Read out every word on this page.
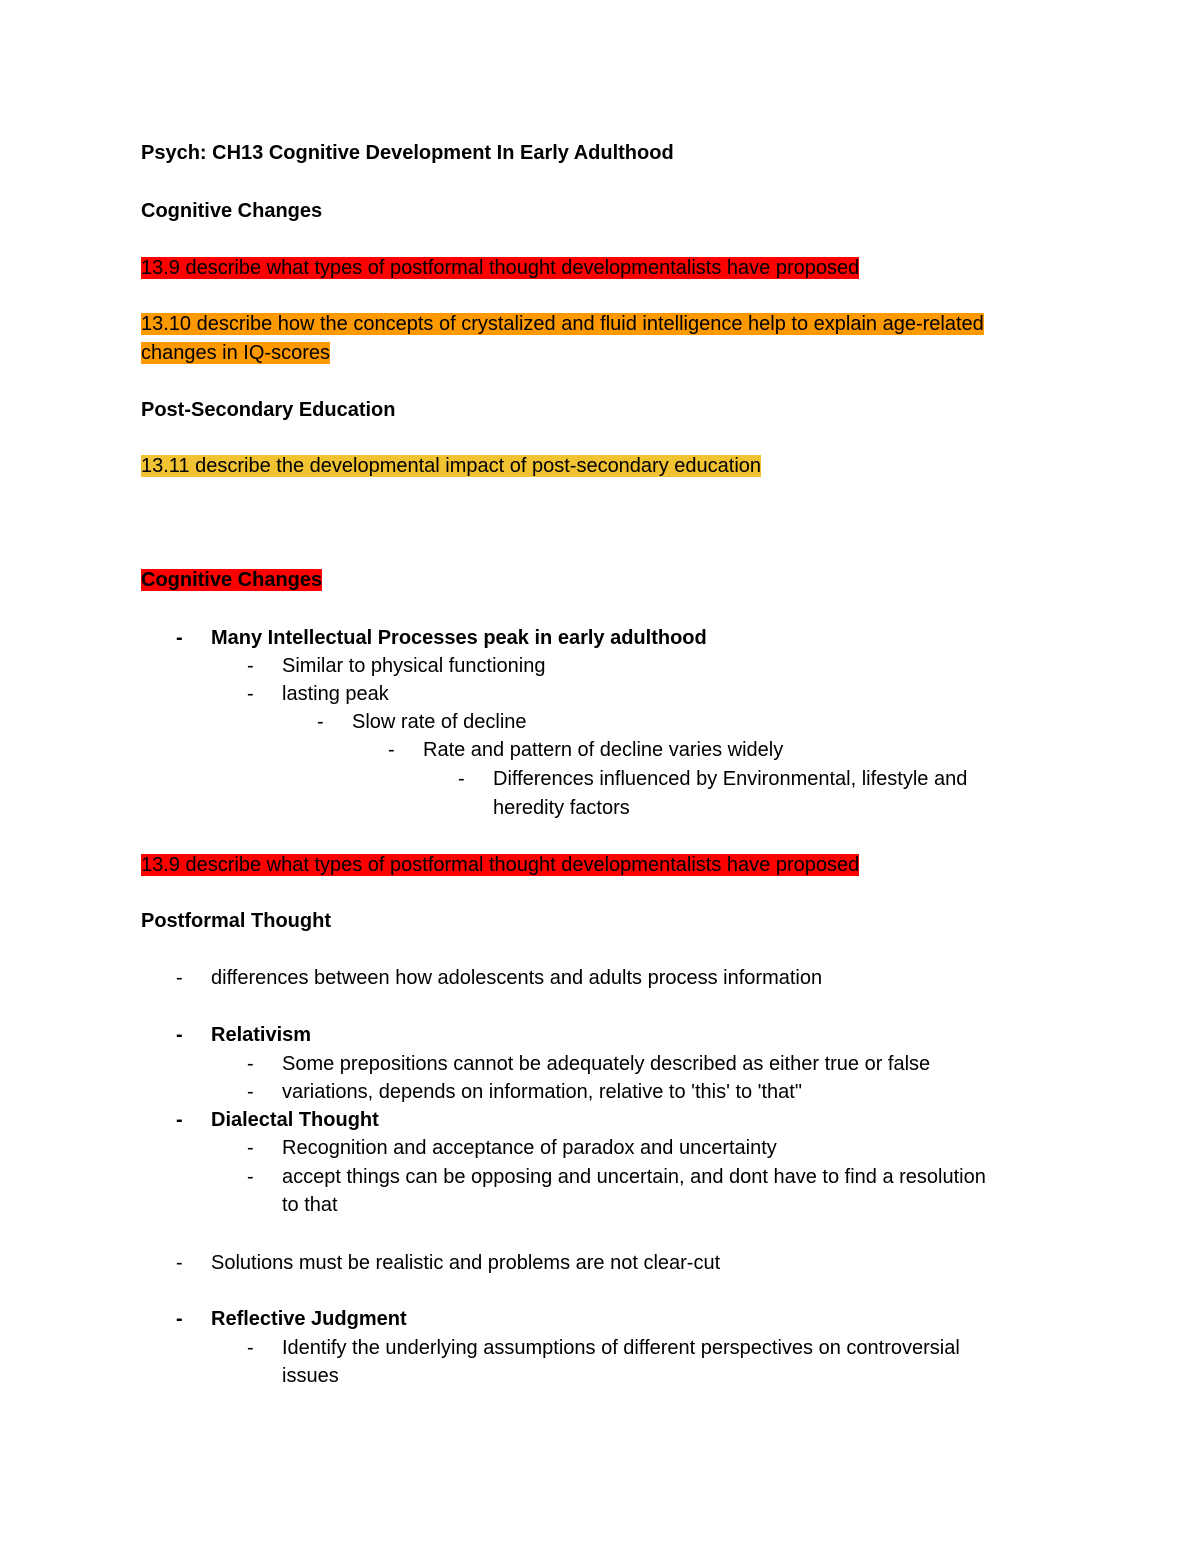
Psych: CH13 Cognitive Development In Early Adulthood
Cognitive Changes
13.9 describe what types of postformal thought developmentalists have proposed
13.10 describe how the concepts of crystalized and fluid intelligence help to explain age-related
changes in IQ-scores
Post-Secondary Education
13.11 describe the developmental impact of post-secondary education
Cognitive Changes
- Many Intellectual Processes peak in early adulthood
- Similar to physical functioning
- lasting peak
- Slow rate of decline
- Rate and pattern of decline varies widely
- Differences influenced by Environmental, lifestyle and
heredity factors
13.9 describe what types of postformal thought developmentalists have proposed
Postformal Thought
- differences between how adolescents and adults process information
- Relativism
- Some prepositions cannot be adequately described as either true or false
- variations, depends on information, relative to 'this' to 'that"
- Dialectal Thought
- Recognition and acceptance of paradox and uncertainty
- accept things can be opposing and uncertain, and dont have to find a resolution
to that
- Solutions must be realistic and problems are not clear-cut
- Reflective Judgment
- Identify the underlying assumptions of different perspectives on controversial
issues
